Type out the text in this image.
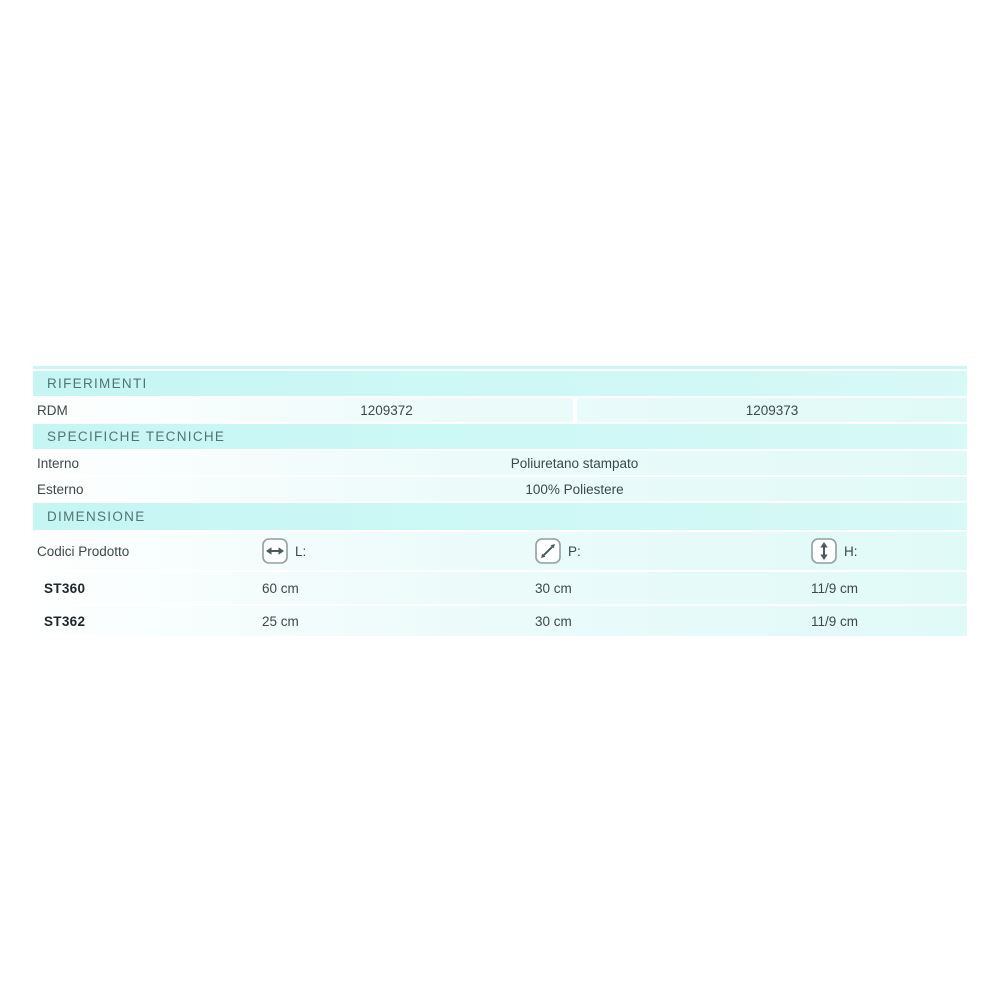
RIFERIMENTI
RDM	1209372	1209373
SPECIFICHE TECNICHE
Interno	Poliuretano stampato
Esterno	100% Poliestere
DIMENSIONE
Codici Prodotto	L:	P:	H:
ST360	60 cm	30 cm	11/9 cm
ST362	25 cm	30 cm	11/9 cm
